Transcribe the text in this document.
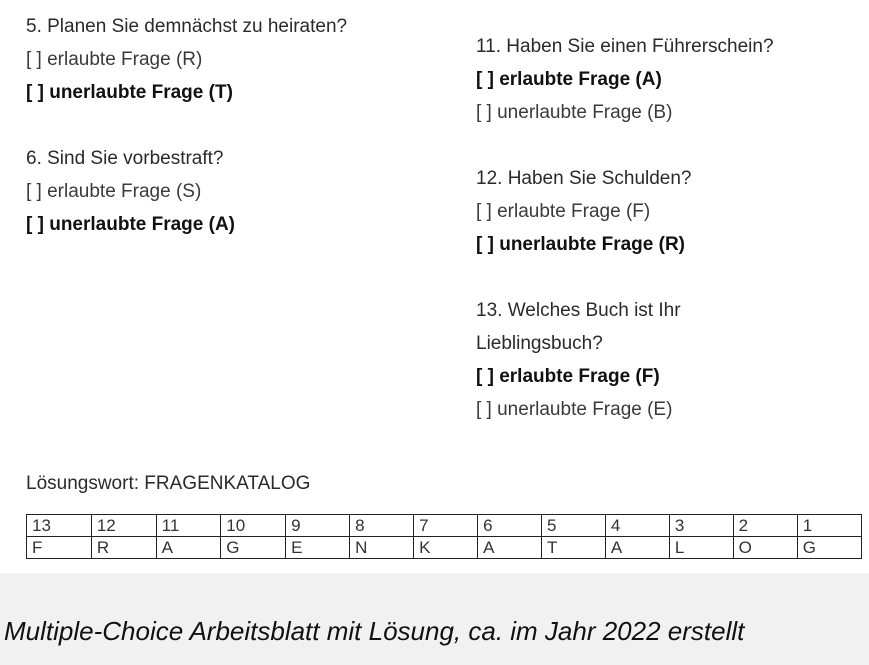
5. Planen Sie demnächst zu heiraten?
[ ] erlaubte Frage (R)
[ ] unerlaubte Frage (T)
6. Sind Sie vorbestraft?
[ ] erlaubte Frage (S)
[ ] unerlaubte Frage (A)
11. Haben Sie einen Führerschein?
[ ] erlaubte Frage (A)
[ ] unerlaubte Frage (B)
12. Haben Sie Schulden?
[ ] erlaubte Frage (F)
[ ] unerlaubte Frage (R)
13. Welches Buch ist Ihr
Lieblingsbuch?
[ ] erlaubte Frage (F)
[ ] unerlaubte Frage (E)
Lösungswort: FRAGENKATALOG
13	12	11	10	9	8	7	6	5	4	3	2	1
F	R	A	G	E	N	K	A	T	A	L	O	G
Multiple-Choice Arbeitsblatt mit Lösung, ca. im Jahr 2022 erstellt
